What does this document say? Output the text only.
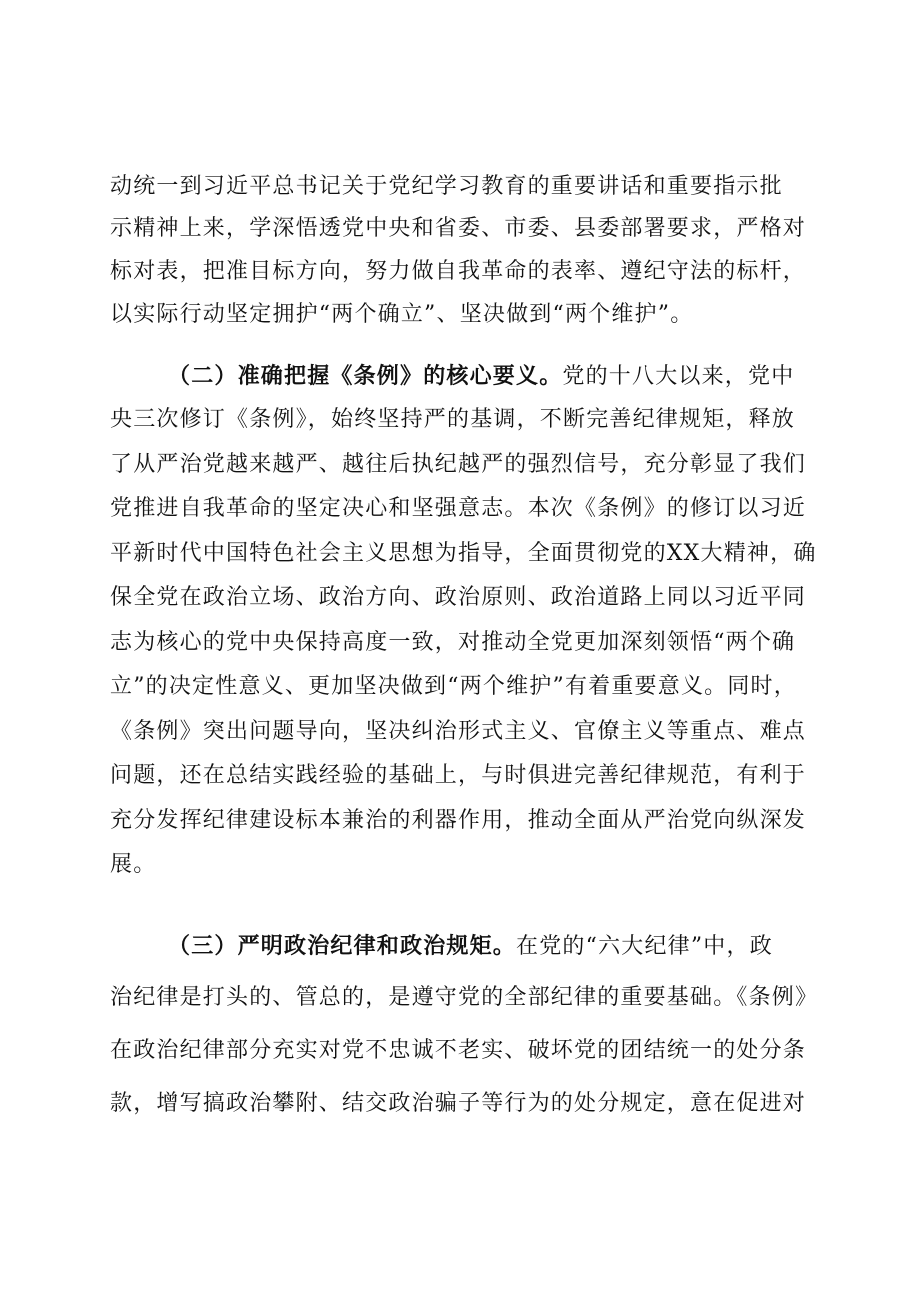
动统一到习近平总书记关于党纪学习教育的重要讲话和重要指示批
示精神上来，学深悟透党中央和省委、市委、县委部署要求，严格对
标对表，把准目标方向，努力做自我革命的表率、遵纪守法的标杆，
以实际行动坚定拥护“两个确立”、坚决做到“两个维护”。
（二）准确把握《条例》的核心要义。党的十八大以来，党中
央三次修订《条例》，始终坚持严的基调，不断完善纪律规矩，释放
了从严治党越来越严、越往后执纪越严的强烈信号，充分彰显了我们
党推进自我革命的坚定决心和坚强意志。本次《条例》的修订以习近
平新时代中国特色社会主义思想为指导，全面贯彻党的XX大精神，确
保全党在政治立场、政治方向、政治原则、政治道路上同以习近平同
志为核心的党中央保持高度一致，对推动全党更加深刻领悟“两个确
立”的决定性意义、更加坚决做到“两个维护”有着重要意义。同时，
《条例》突出问题导向，坚决纠治形式主义、官僚主义等重点、难点
问题，还在总结实践经验的基础上，与时俱进完善纪律规范，有利于
充分发挥纪律建设标本兼治的利器作用，推动全面从严治党向纵深发
展。
（三）严明政治纪律和政治规矩。在党的“六大纪律”中，政
治纪律是打头的、管总的，是遵守党的全部纪律的重要基础。《条例》
在政治纪律部分充实对党不忠诚不老实、破坏党的团结统一的处分条
款，增写搞政治攀附、结交政治骗子等行为的处分规定，意在促进对
